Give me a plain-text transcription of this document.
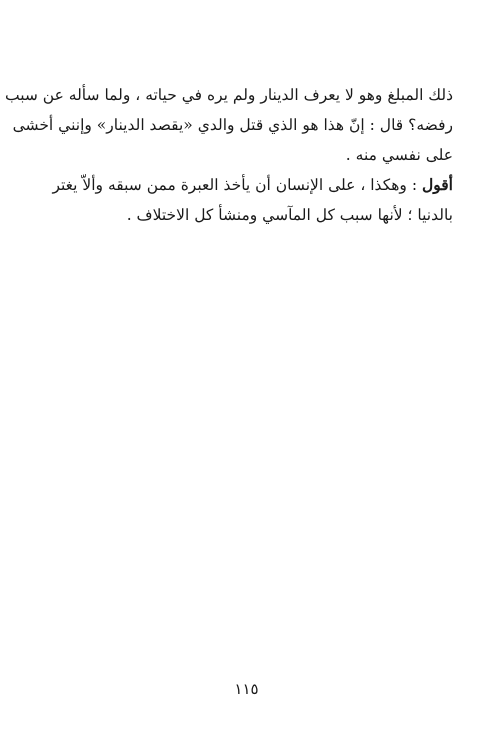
ذلك المبلغ وهو لا يعرف الدينار ولم يره في حياته ، ولما سأله عن سبب
رفضه؟ قال : إنّ هذا هو الذي قتل والدي «يقصد الدينار» وإنني أخشى
على نفسي منه .
أقول : وهكذا ، على الإنسان أن يأخذ العبرة ممن سبقه وألاّ يغتر
بالدنيا ؛ لأنها سبب كل المآسي ومنشأ كل الاختلاف .
١١٥
